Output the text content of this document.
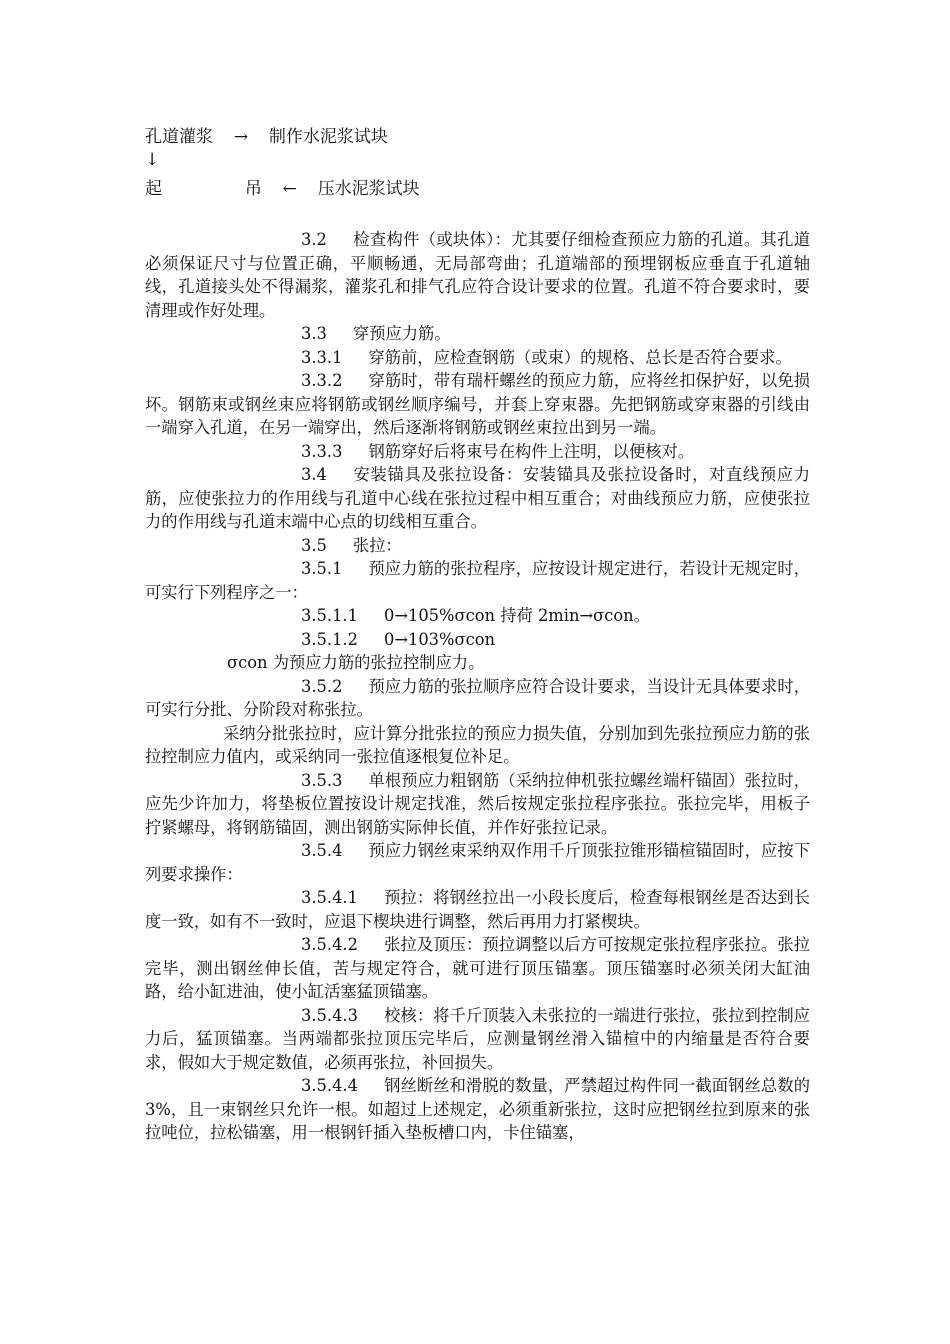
孔道灌浆 → 制作水泥浆试块
↓
起	吊 ← 压水泥浆试块

3.2 检查构件（或块体）：尤其要仔细检查预应力筋的孔道。其孔道必须保证尺寸与位置正确，平顺畅通，无局部弯曲；孔道端部的预埋钢板应垂直于孔道轴线，孔道接头处不得漏浆，灌浆孔和排气孔应符合设计要求的位置。孔道不符合要求时，要清理或作好处理。

3.3 穿预应力筋。

3.3.1 穿筋前，应检查钢筋（或束）的规格、总长是否符合要求。

3.3.2 穿筋时，带有瑞杆螺丝的预应力筋，应将丝扣保护好，以免损坏。钢筋束或钢丝束应将钢筋或钢丝顺序编号，并套上穿束器。先把钢筋或穿束器的引线由一端穿入孔道，在另一端穿出，然后逐渐将钢筋或钢丝束拉出到另一端。

3.3.3 钢筋穿好后将束号在构件上注明，以便核对。

3.4 安装锚具及张拉设备：安装锚具及张拉设备时，对直线预应力筋，应使张拉力的作用线与孔道中心线在张拉过程中相互重合；对曲线预应力筋，应使张拉力的作用线与孔道末端中心点的切线相互重合。

3.5 张拉：

3.5.1 预应力筋的张拉程序，应按设计规定进行，若设计无规定时，可实行下列程序之一：

3.5.1.1 0→105%σcon 持荷 2min→σcon。

3.5.1.2 0→103%σcon

σcon 为预应力筋的张拉控制应力。

3.5.2 预应力筋的张拉顺序应符合设计要求，当设计无具体要求时，可实行分批、分阶段对称张拉。

采纳分批张拉时，应计算分批张拉的预应力损失值，分别加到先张拉预应力筋的张拉控制应力值内，或采纳同一张拉值逐根复位补足。

3.5.3 单根预应力粗钢筋（采纳拉伸机张拉螺丝端杆锚固）张拉时，应先少许加力，将垫板位置按设计规定找准，然后按规定张拉程序张拉。张拉完毕，用板子拧紧螺母，将钢筋锚固，测出钢筋实际伸长值，并作好张拉记录。

3.5.4 预应力钢丝束采纳双作用千斤顶张拉锥形锚楦锚固时，应按下列要求操作：

3.5.4.1 预拉：将钢丝拉出一小段长度后，检查每根钢丝是否达到长度一致，如有不一致时，应退下楔块进行调整，然后再用力打紧楔块。

3.5.4.2 张拉及顶压：预拉调整以后方可按规定张拉程序张拉。张拉完毕，测出钢丝伸长值，苦与规定符合，就可进行顶压锚塞。顶压锚塞时必须关闭大缸油路，给小缸进油，使小缸活塞猛顶锚塞。

3.5.4.3 校核：将千斤顶装入未张拉的一端进行张拉，张拉到控制应力后，猛顶锚塞。当两端都张拉顶压完毕后，应测量钢丝滑入锚楦中的内缩量是否符合要求，假如大于规定数值，必须再张拉，补回损失。

3.5.4.4 钢丝断丝和滑脱的数量，严禁超过构件同一截面钢丝总数的 3%，且一束钢丝只允许一根。如超过上述规定，必须重新张拉，这时应把钢丝拉到原来的张拉吨位，拉松锚塞，用一根钢钎插入垫板槽口内，卡住锚塞，
